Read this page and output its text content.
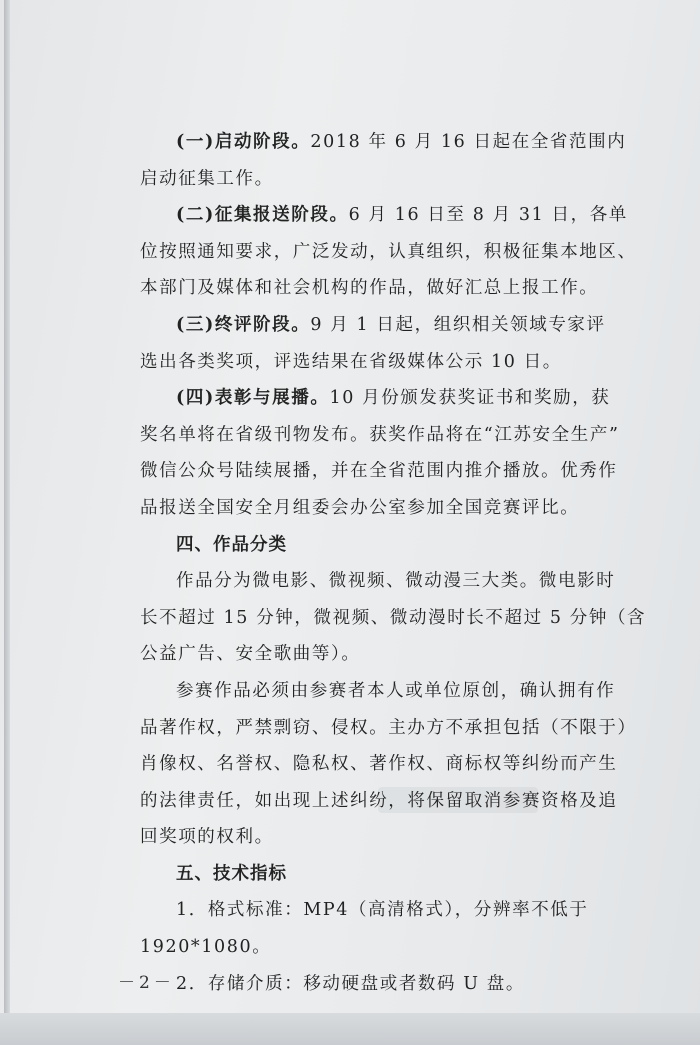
(一)启动阶段。2018 年 6 月 16 日起在全省范围内
启动征集工作。
(二)征集报送阶段。6 月 16 日至 8 月 31 日，各单
位按照通知要求，广泛发动，认真组织，积极征集本地区、
本部门及媒体和社会机构的作品，做好汇总上报工作。
(三)终评阶段。9 月 1 日起，组织相关领域专家评
选出各类奖项，评选结果在省级媒体公示 10 日。
(四)表彰与展播。10 月份颁发获奖证书和奖励，获
奖名单将在省级刊物发布。获奖作品将在“江苏安全生产”
微信公众号陆续展播，并在全省范围内推介播放。优秀作
品报送全国安全月组委会办公室参加全国竞赛评比。
四、作品分类
作品分为微电影、微视频、微动漫三大类。微电影时
长不超过 15 分钟，微视频、微动漫时长不超过 5 分钟（含
公益广告、安全歌曲等）。
参赛作品必须由参赛者本人或单位原创，确认拥有作
品著作权，严禁剽窃、侵权。主办方不承担包括（不限于）
肖像权、名誉权、隐私权、著作权、商标权等纠纷而产生
的法律责任，如出现上述纠纷，将保留取消参赛资格及追
回奖项的权利。
五、技术指标
1．格式标准：MP4（高清格式），分辨率不低于
1920*1080。
2．存储介质：移动硬盘或者数码 U 盘。
－2－
